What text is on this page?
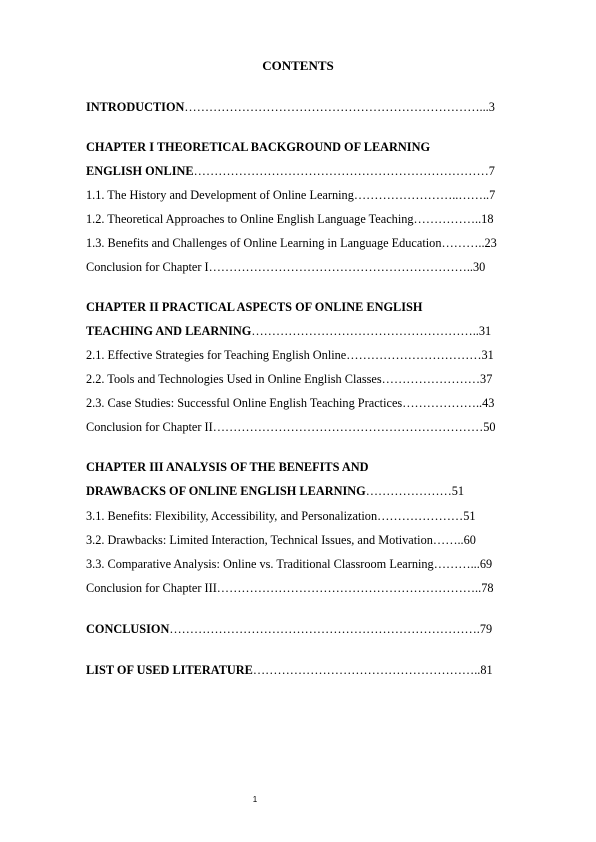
CONTENTS
INTRODUCTION………………………………………………………………...3
CHAPTER I THEORETICAL BACKGROUND OF LEARNING
ENGLISH ONLINE………………………………………………………………7
1.1. The History and Development of Online Learning……………………..……..7
1.2. Theoretical Approaches to Online English Language Teaching……………..18
1.3. Benefits and Challenges of Online Learning in Language Education………..23
Conclusion for Chapter I………………………………………………………..30
CHAPTER II PRACTICAL ASPECTS OF ONLINE ENGLISH
TEACHING AND LEARNING………………………………………………..31
2.1. Effective Strategies for Teaching English Online……………………………31
2.2. Tools and Technologies Used in Online English Classes……………………37
2.3. Case Studies: Successful Online English Teaching Practices………………..43
Conclusion for Chapter II…………………………………………………………50
CHAPTER III ANALYSIS OF THE BENEFITS AND
DRAWBACKS OF ONLINE ENGLISH LEARNING…………………51
3.1. Benefits: Flexibility, Accessibility, and Personalization…………………51
3.2. Drawbacks: Limited Interaction, Technical Issues, and Motivation……..60
3.3. Comparative Analysis: Online vs. Traditional Classroom Learning………...69
Conclusion for Chapter III………………………………………………………..78
CONCLUSION………………………………………………………………….79
LIST OF USED LITERATURE………………………………………………..81
1
